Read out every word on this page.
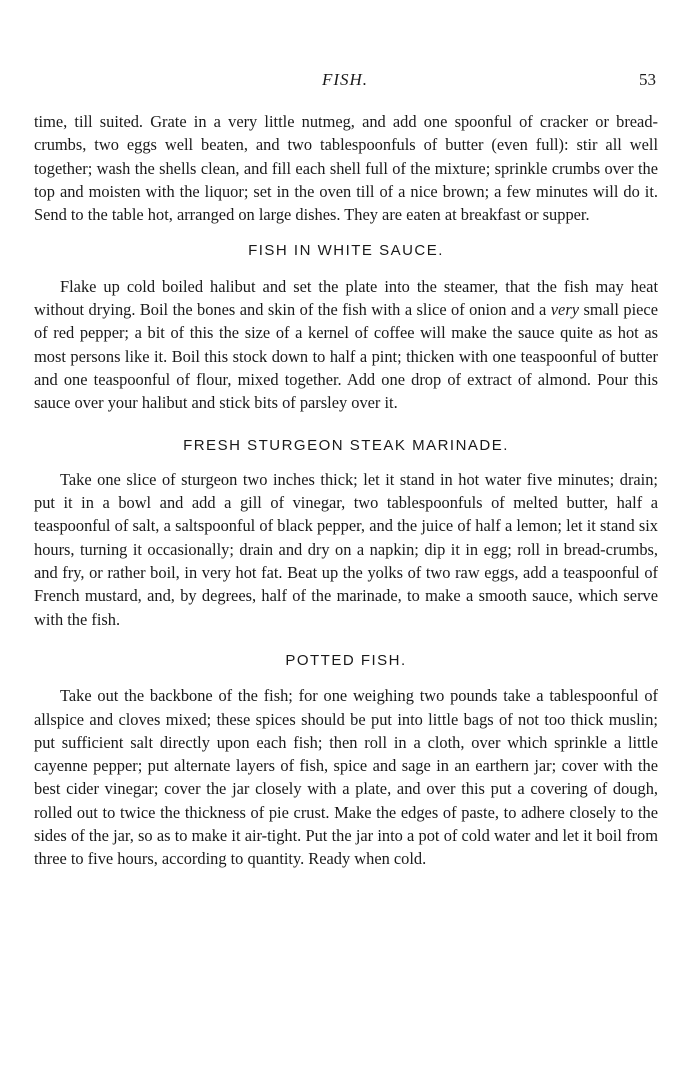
FISH.	53

time, till suited. Grate in a very little nutmeg, and add one spoonful of cracker or bread-crumbs, two eggs well beaten, and two tablespoonfuls of butter (even full): stir all well together; wash the shells clean, and fill each shell full of the mixture; sprinkle crumbs over the top and moisten with the liquor; set in the oven till of a nice brown; a few minutes will do it. Send to the table hot, arranged on large dishes. They are eaten at breakfast or supper.

FISH IN WHITE SAUCE.

Flake up cold boiled halibut and set the plate into the steamer, that the fish may heat without drying. Boil the bones and skin of the fish with a slice of onion and a very small piece of red pepper; a bit of this the size of a kernel of coffee will make the sauce quite as hot as most persons like it. Boil this stock down to half a pint; thicken with one teaspoonful of butter and one teaspoonful of flour, mixed together. Add one drop of extract of almond. Pour this sauce over your halibut and stick bits of parsley over it.

FRESH STURGEON STEAK MARINADE.

Take one slice of sturgeon two inches thick; let it stand in hot water five minutes; drain; put it in a bowl and add a gill of vinegar, two tablespoonfuls of melted butter, half a teaspoonful of salt, a saltspoonful of black pepper, and the juice of half a lemon; let it stand six hours, turning it occasionally; drain and dry on a napkin; dip it in egg; roll in bread-crumbs, and fry, or rather boil, in very hot fat. Beat up the yolks of two raw eggs, add a teaspoonful of French mustard, and, by degrees, half of the marinade, to make a smooth sauce, which serve with the fish.

POTTED FISH.

Take out the backbone of the fish; for one weighing two pounds take a tablespoonful of allspice and cloves mixed; these spices should be put into little bags of not too thick muslin; put sufficient salt directly upon each fish; then roll in a cloth, over which sprinkle a little cayenne pepper; put alternate layers of fish, spice and sage in an earthern jar; cover with the best cider vinegar; cover the jar closely with a plate, and over this put a covering of dough, rolled out to twice the thickness of pie crust. Make the edges of paste, to adhere closely to the sides of the jar, so as to make it air-tight. Put the jar into a pot of cold water and let it boil from three to five hours, according to quantity. Ready when cold.
